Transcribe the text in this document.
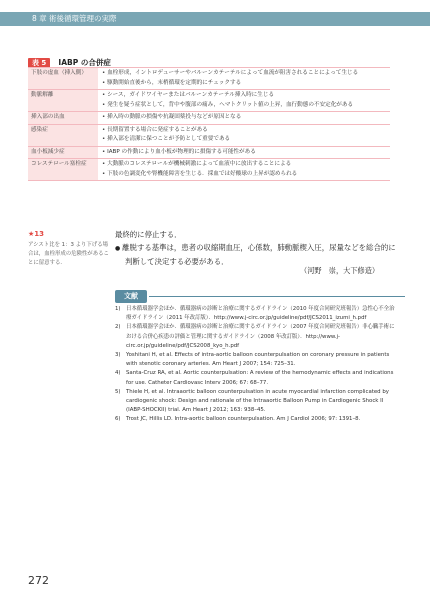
8 章 術後循環管理の実際
表 5 IABP の合併症
下肢の虚血（挿入側）	• 血栓形成，イントロデューサーやバルーンカテーテルによって血流が阻害されることによって生じる
• 駆動開始直後から，末梢循環を定期的にチェックする

動脈解離	• シース，ガイドワイヤーまたはバルーンカテーテル挿入時に生じる
• 発生を疑う症状として，背中や腹部の痛み，ヘマトクリット値の上昇，血行動態の不安定化がある

挿入部の出血	• 挿入時の動脈の損傷や抗凝固薬投与などが原因となる

感染症	• 長期留置する場合に発症することがある
• 挿入部を清潔に保つことが予防として重要である

血小板減少症	• IABP の作動により血小板が物理的に損傷する可能性がある

コレステロール塞栓症	• 大動脈のコレステロールが機械刺激によって血液中に放出することによる
• 下肢の色調変化や腎機能障害を生じる．採血では好酸球の上昇が認められる
★13
アシスト比を 1：3 より下げる場合は，血栓形成の危険性があることに留意する．
最終的に停止する．
● 離脱する基準は，患者の収縮期血圧，心係数，肺動脈楔入圧，尿量などを総合的に判断して決定する必要がある．
（河野　崇，大下修造）
文献
1) 日本循環器学会ほか．循環器病の診断と治療に関するガイドライン（2010 年度合同研究班報告）急性心不全治療ガイドライン（2011 年改訂版）．http://www.j-circ.or.jp/guideline/pdf/JCS2011_izumi_h.pdf
2) 日本循環器学会ほか．循環器病の診断と治療に関するガイドライン（2007 年度合同研究班報告）非心臓手術における合併心疾患の評価と管理に関するガイドライン（2008 年改訂版）．http://www.j-circ.or.jp/guideline/pdf/JCS2008_kyo_h.pdf
3) Yoshitani H, et al. Effects of intra-aortic balloon counterpulsation on coronary pressure in patients with stenotic coronary arteries. Am Heart J 2007; 154: 725–31.
4) Santa-Cruz RA, et al. Aortic counterpulsation: A review of the hemodynamic effects and indications for use. Catheter Cardiovasc Interv 2006; 67: 68–77.
5) Thiele H, et al. Intraaortic balloon counterpulsation in acute myocardial infarction complicated by cardiogenic shock: Design and rationale of the Intraaortic Balloon Pump in Cardiogenic Shock II (IABP-SHOCKII) trial. Am Heart J 2012; 163: 938–45.
6) Trost JC, Hillis LD. Intra-aortic balloon counterpulsation. Am J Cardiol 2006; 97: 1391–8.
272
